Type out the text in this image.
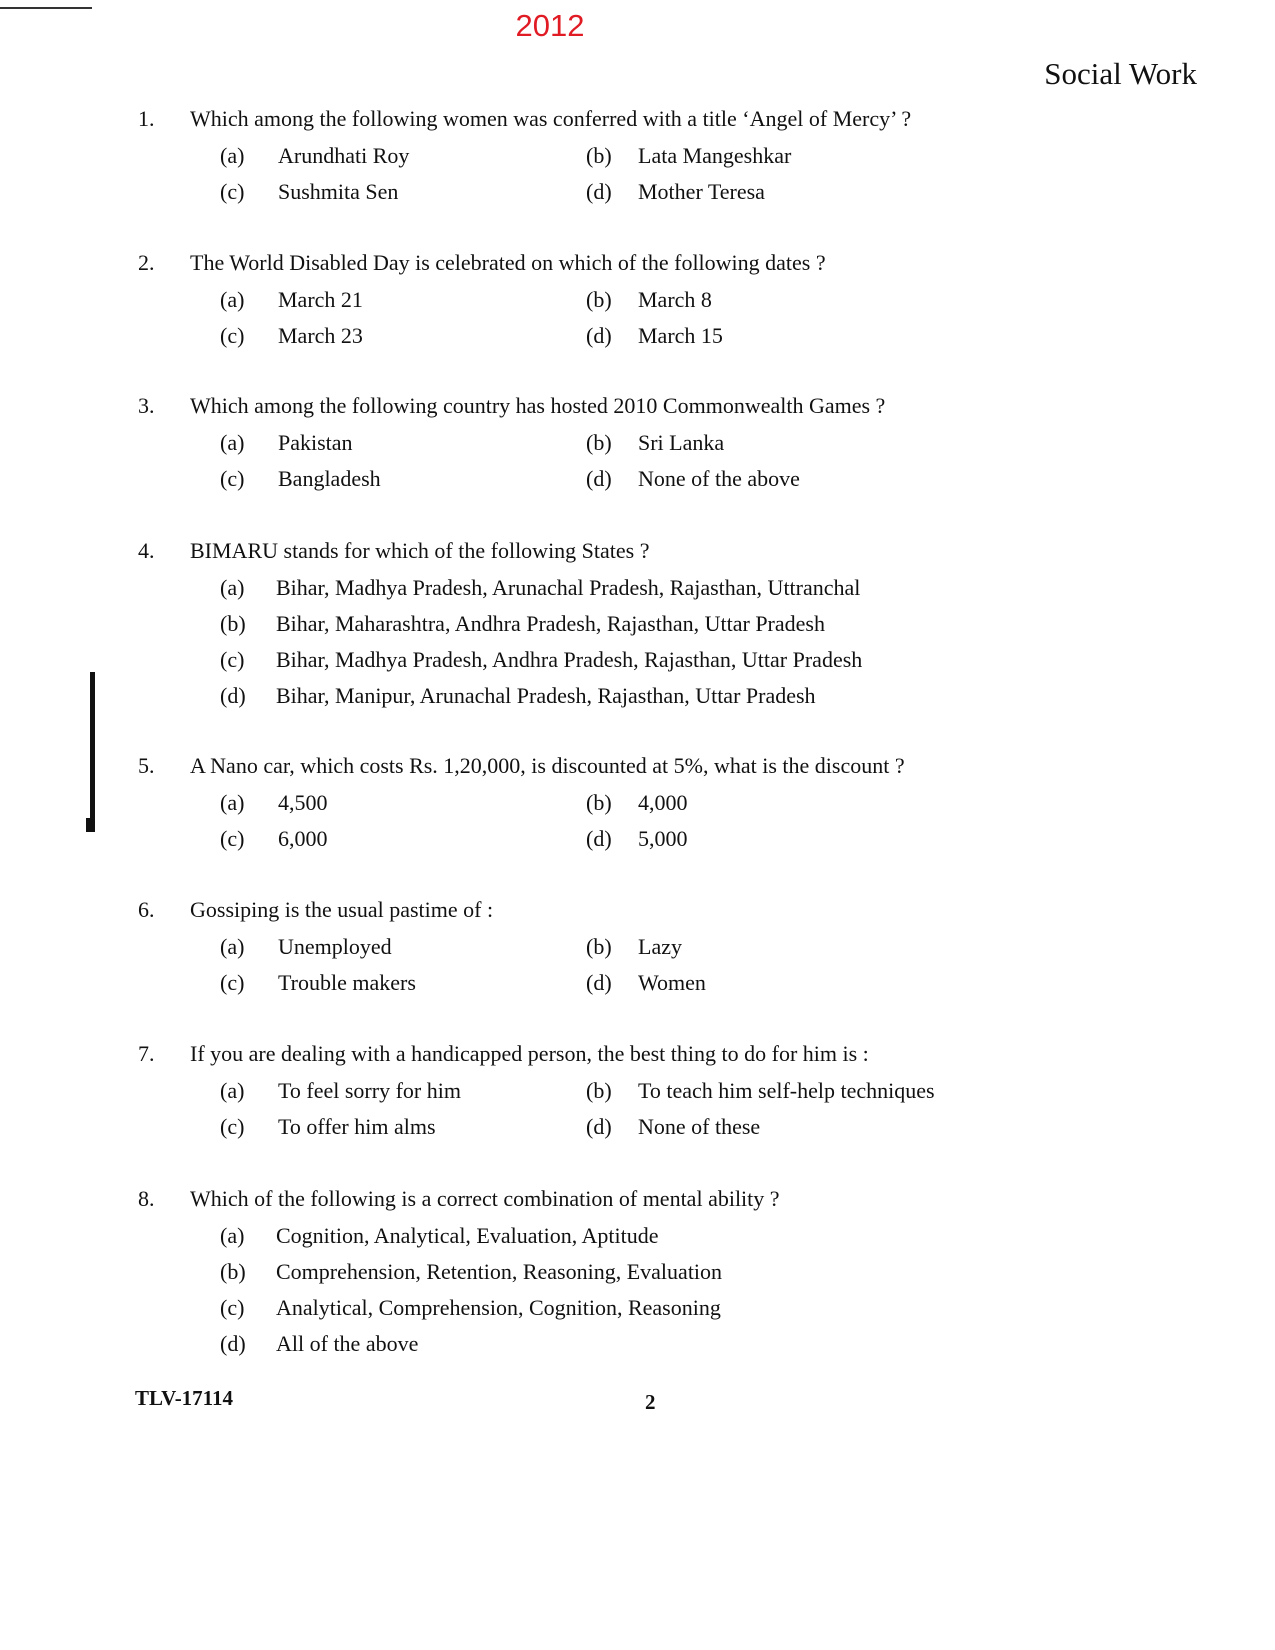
2012
Social Work
1. Which among the following women was conferred with a title ‘Angel of Mercy’ ?
(a) Arundhati Roy	(b) Lata Mangeshkar
(c) Sushmita Sen	(d) Mother Teresa
2. The World Disabled Day is celebrated on which of the following dates ?
(a) March 21	(b) March 8
(c) March 23	(d) March 15
3. Which among the following country has hosted 2010 Commonwealth Games ?
(a) Pakistan	(b) Sri Lanka
(c) Bangladesh	(d) None of the above
4. BIMARU stands for which of the following States ?
(a) Bihar, Madhya Pradesh, Arunachal Pradesh, Rajasthan, Uttranchal
(b) Bihar, Maharashtra, Andhra Pradesh, Rajasthan, Uttar Pradesh
(c) Bihar, Madhya Pradesh, Andhra Pradesh, Rajasthan, Uttar Pradesh
(d) Bihar, Manipur, Arunachal Pradesh, Rajasthan, Uttar Pradesh
5. A Nano car, which costs Rs. 1,20,000, is discounted at 5%, what is the discount ?
(a) 4,500	(b) 4,000
(c) 6,000	(d) 5,000
6. Gossiping is the usual pastime of :
(a) Unemployed	(b) Lazy
(c) Trouble makers	(d) Women
7. If you are dealing with a handicapped person, the best thing to do for him is :
(a) To feel sorry for him	(b) To teach him self-help techniques
(c) To offer him alms	(d) None of these
8. Which of the following is a correct combination of mental ability ?
(a) Cognition, Analytical, Evaluation, Aptitude
(b) Comprehension, Retention, Reasoning, Evaluation
(c) Analytical, Comprehension, Cognition, Reasoning
(d) All of the above
TLV-17114	2
